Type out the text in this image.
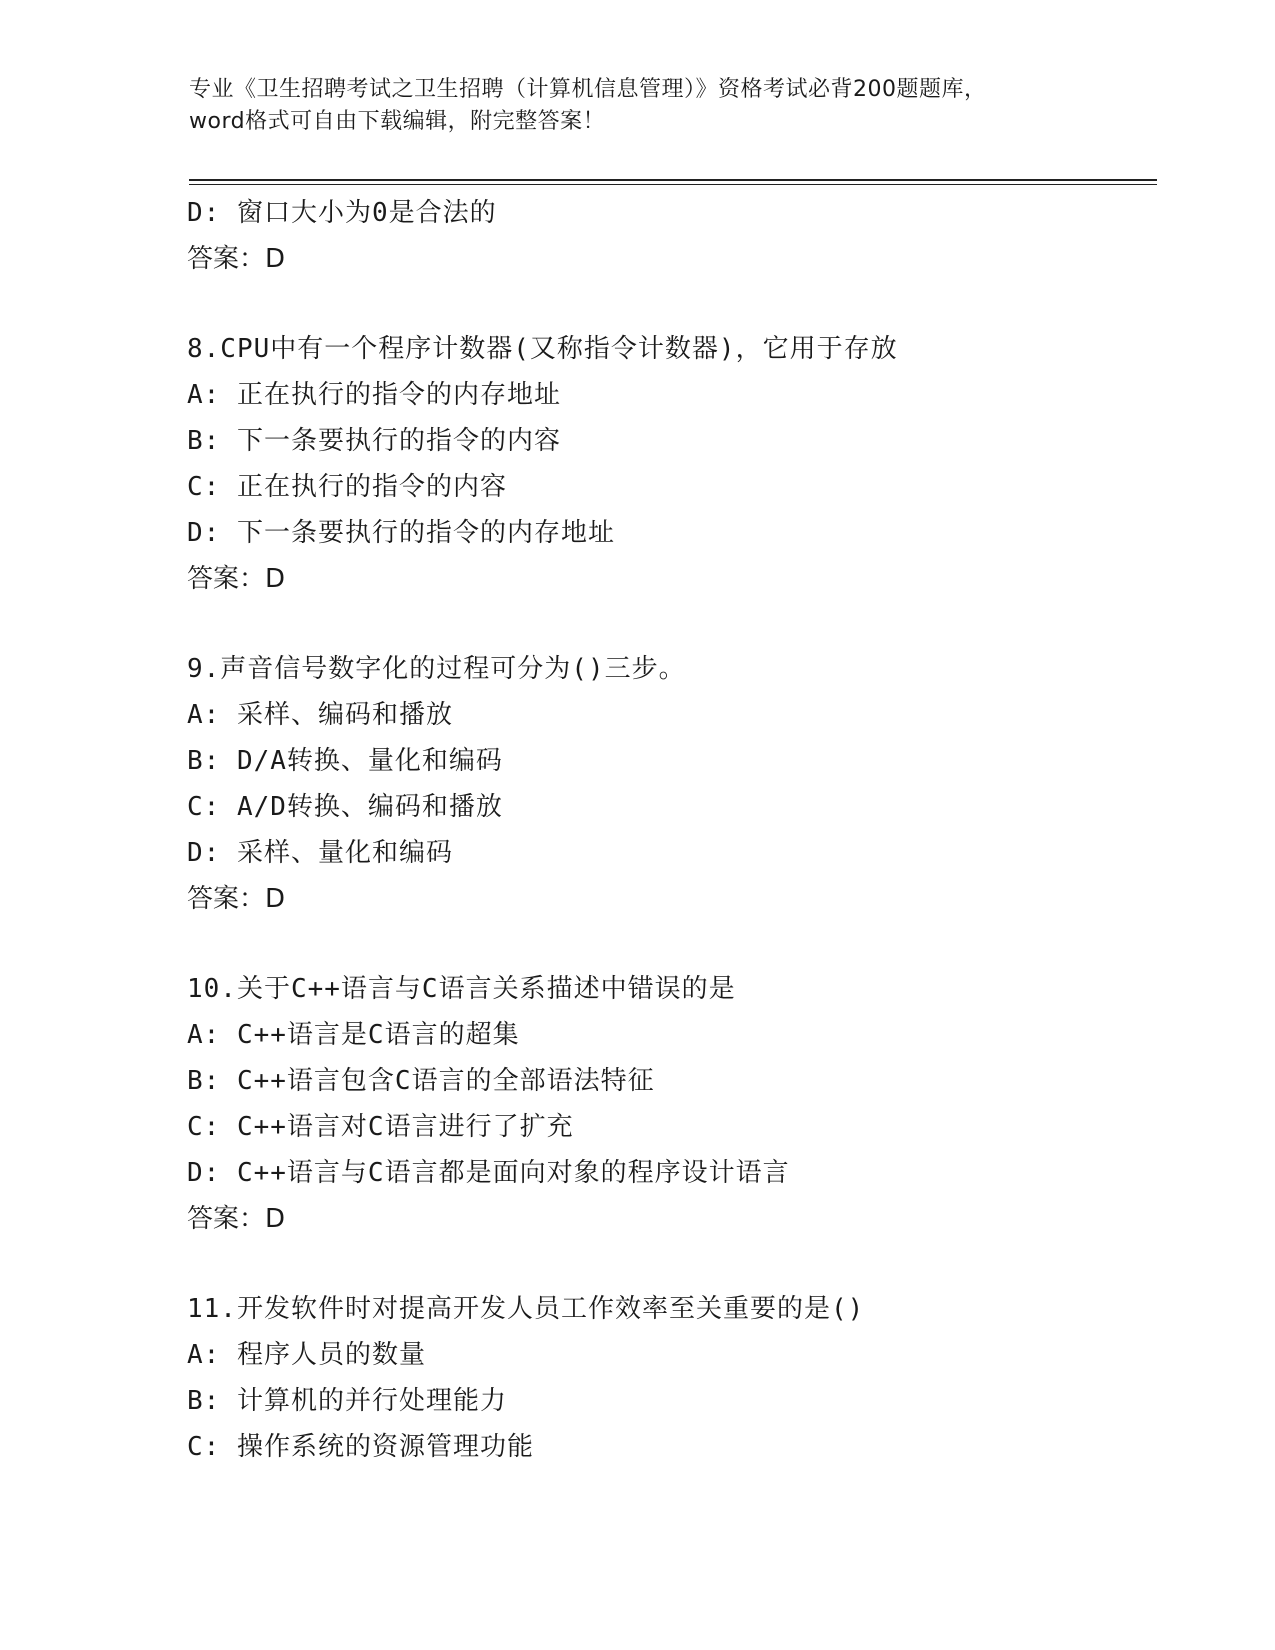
专业《卫生招聘考试之卫生招聘（计算机信息管理）》资格考试必背200题题库，
word格式可自由下载编辑，附完整答案！
D: 窗口大小为0是合法的
答案：D
8.CPU中有一个程序计数器(又称指令计数器)，它用于存放
A: 正在执行的指令的内存地址
B: 下一条要执行的指令的内容
C: 正在执行的指令的内容
D: 下一条要执行的指令的内存地址
答案：D
9.声音信号数字化的过程可分为()三步。
A: 采样、编码和播放
B: D/A转换、量化和编码
C: A/D转换、编码和播放
D: 采样、量化和编码
答案：D
10.关于C++语言与C语言关系描述中错误的是
A: C++语言是C语言的超集
B: C++语言包含C语言的全部语法特征
C: C++语言对C语言进行了扩充
D: C++语言与C语言都是面向对象的程序设计语言
答案：D
11.开发软件时对提高开发人员工作效率至关重要的是()
A: 程序人员的数量
B: 计算机的并行处理能力
C: 操作系统的资源管理功能
